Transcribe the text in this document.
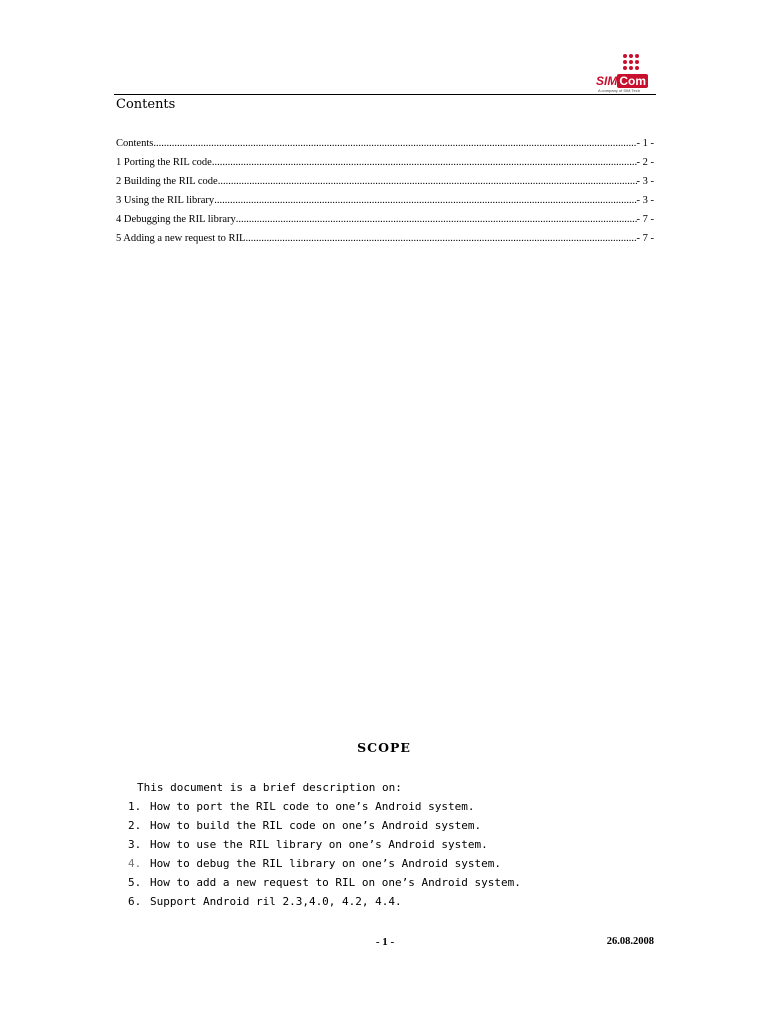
SIM Com
A company of SIM Tech
Contents
Contents .....	- 1 -
1 Porting the RIL code .....	- 2 -
2 Building the RIL code .....	- 3 -
3 Using the RIL library .....	- 3 -
4 Debugging the RIL library .....	- 7 -
5 Adding a new request to RIL .....	- 7 -
SCOPE
This document is a brief description on:
1. How to port the RIL code to one’s Android system.
2. How to build the RIL code on one’s Android system.
3. How to use the RIL library on one’s Android system.
4. How to debug the RIL library on one’s Android system.
5. How to add a new request to RIL on one’s Android system.
6. Support Android ril 2.3,4.0, 4.2, 4.4.
- 1 -	26.08.2008
